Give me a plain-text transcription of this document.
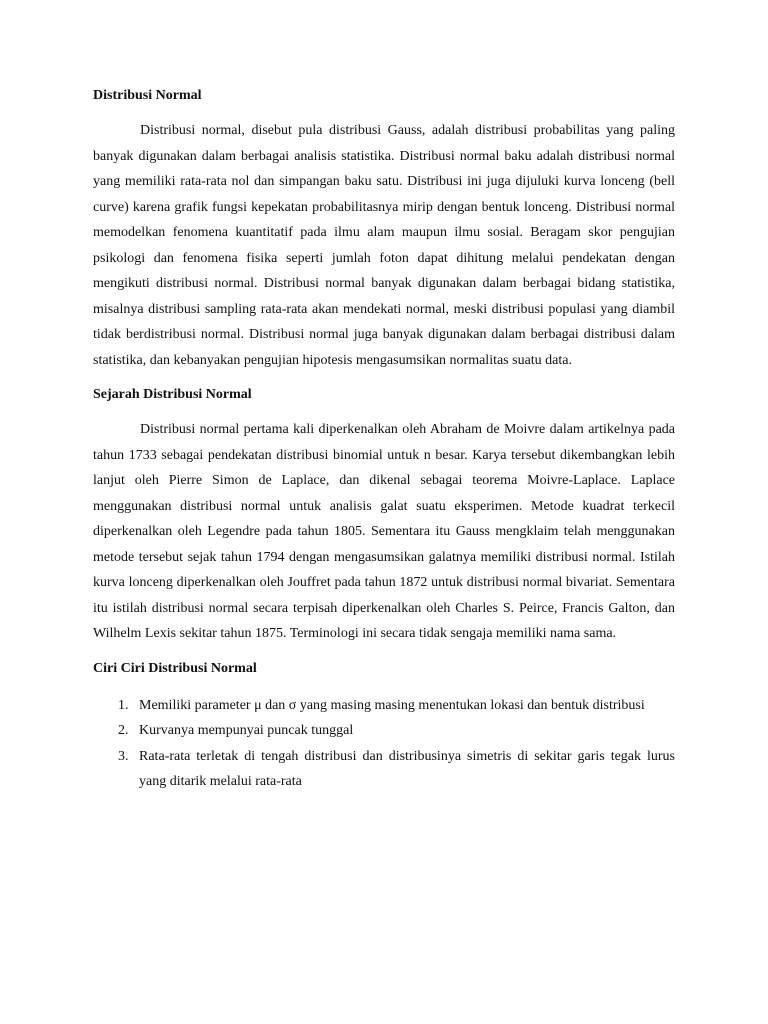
Distribusi Normal

Distribusi normal, disebut pula distribusi Gauss, adalah distribusi probabilitas yang paling banyak digunakan dalam berbagai analisis statistika. Distribusi normal baku adalah distribusi normal yang memiliki rata-rata nol dan simpangan baku satu. Distribusi ini juga dijuluki kurva lonceng (bell curve) karena grafik fungsi kepekatan probabilitasnya mirip dengan bentuk lonceng. Distribusi normal memodelkan fenomena kuantitatif pada ilmu alam maupun ilmu sosial. Beragam skor pengujian psikologi dan fenomena fisika seperti jumlah foton dapat dihitung melalui pendekatan dengan mengikuti distribusi normal. Distribusi normal banyak digunakan dalam berbagai bidang statistika, misalnya distribusi sampling rata-rata akan mendekati normal, meski distribusi populasi yang diambil tidak berdistribusi normal. Distribusi normal juga banyak digunakan dalam berbagai distribusi dalam statistika, dan kebanyakan pengujian hipotesis mengasumsikan normalitas suatu data.

Sejarah Distribusi Normal

Distribusi normal pertama kali diperkenalkan oleh Abraham de Moivre dalam artikelnya pada tahun 1733 sebagai pendekatan distribusi binomial untuk n besar. Karya tersebut dikembangkan lebih lanjut oleh Pierre Simon de Laplace, dan dikenal sebagai teorema Moivre-Laplace. Laplace menggunakan distribusi normal untuk analisis galat suatu eksperimen. Metode kuadrat terkecil diperkenalkan oleh Legendre pada tahun 1805. Sementara itu Gauss mengklaim telah menggunakan metode tersebut sejak tahun 1794 dengan mengasumsikan galatnya memiliki distribusi normal. Istilah kurva lonceng diperkenalkan oleh Jouffret pada tahun 1872 untuk distribusi normal bivariat. Sementara itu istilah distribusi normal secara terpisah diperkenalkan oleh Charles S. Peirce, Francis Galton, dan Wilhelm Lexis sekitar tahun 1875. Terminologi ini secara tidak sengaja memiliki nama sama.

Ciri Ciri Distribusi Normal

1. Memiliki parameter μ dan σ yang masing masing menentukan lokasi dan bentuk distribusi
2. Kurvanya mempunyai puncak tunggal
3. Rata-rata terletak di tengah distribusi dan distribusinya simetris di sekitar garis tegak lurus yang ditarik melalui rata-rata
